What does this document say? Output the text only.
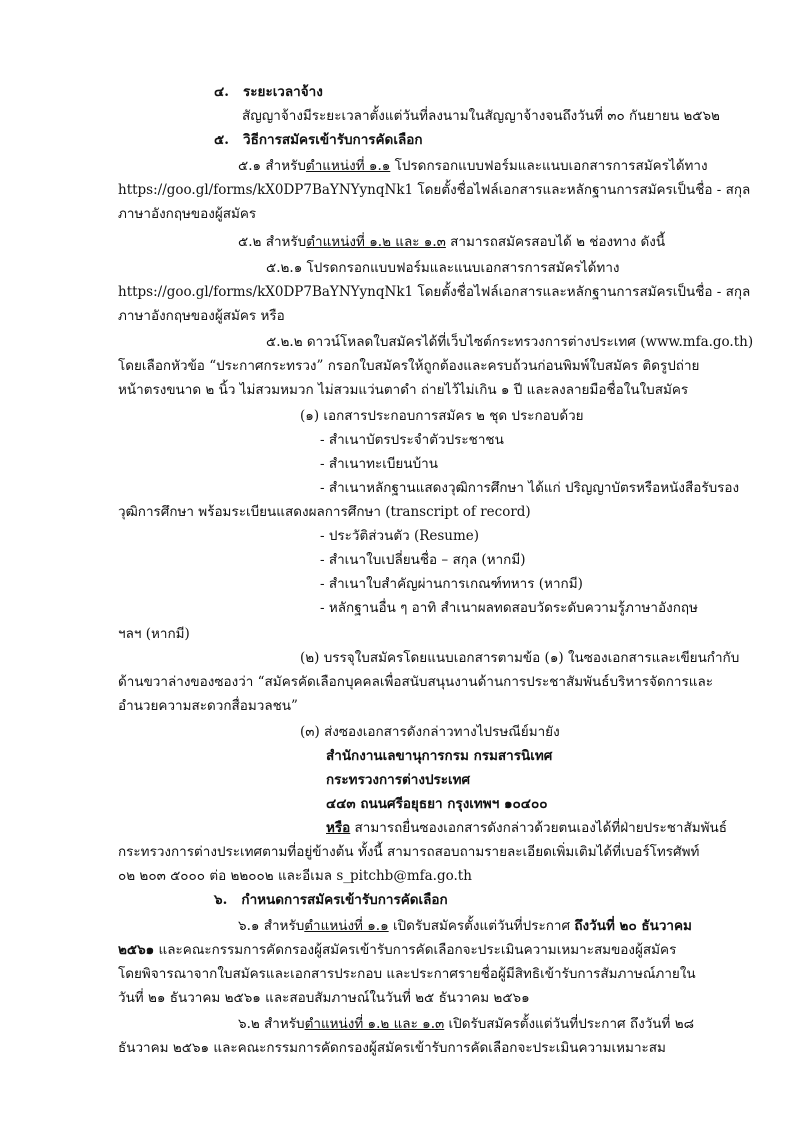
๔. ระยะเวลาจ้าง
สัญญาจ้างมีระยะเวลาตั้งแต่วันที่ลงนามในสัญญาจ้างจนถึงวันที่ ๓๐ กันยายน ๒๕๖๒
๕. วิธีการสมัครเข้ารับการคัดเลือก
๕.๑ สำหรับตำแหน่งที่ ๑.๑ โปรดกรอกแบบฟอร์มและแนบเอกสารการสมัครได้ทาง
https://goo.gl/forms/kX0DP7BaYNYynqNk1 โดยตั้งชื่อไฟล์เอกสารและหลักฐานการสมัครเป็นชื่อ - สกุล
ภาษาอังกฤษของผู้สมัคร
๕.๒ สำหรับตำแหน่งที่ ๑.๒ และ ๑.๓ สามารถสมัครสอบได้ ๒ ช่องทาง ดังนี้
๕.๒.๑ โปรดกรอกแบบฟอร์มและแนบเอกสารการสมัครได้ทาง
https://goo.gl/forms/kX0DP7BaYNYynqNk1 โดยตั้งชื่อไฟล์เอกสารและหลักฐานการสมัครเป็นชื่อ - สกุล
ภาษาอังกฤษของผู้สมัคร หรือ
๕.๒.๒ ดาวน์โหลดใบสมัครได้ที่เว็บไซต์กระทรวงการต่างประเทศ (www.mfa.go.th)
โดยเลือกหัวข้อ “ประกาศกระทรวง” กรอกใบสมัครให้ถูกต้องและครบถ้วนก่อนพิมพ์ใบสมัคร ติดรูปถ่าย
หน้าตรงขนาด ๒ นิ้ว ไม่สวมหมวก ไม่สวมแว่นตาดำ ถ่ายไว้ไม่เกิน ๑ ปี และลงลายมือชื่อในใบสมัคร
(๑) เอกสารประกอบการสมัคร ๒ ชุด ประกอบด้วย
- สำเนาบัตรประจำตัวประชาชน
- สำเนาทะเบียนบ้าน
- สำเนาหลักฐานแสดงวุฒิการศึกษา ได้แก่ ปริญญาบัตรหรือหนังสือรับรอง
วุฒิการศึกษา พร้อมระเบียนแสดงผลการศึกษา (transcript of record)
- ประวัติส่วนตัว (Resume)
- สำเนาใบเปลี่ยนชื่อ – สกุล (หากมี)
- สำเนาใบสำคัญผ่านการเกณฑ์ทหาร (หากมี)
- หลักฐานอื่น ๆ อาทิ สำเนาผลทดสอบวัดระดับความรู้ภาษาอังกฤษ
ฯลฯ (หากมี)
(๒) บรรจุใบสมัครโดยแนบเอกสารตามข้อ (๑) ในซองเอกสารและเขียนกำกับ
ด้านขวาล่างของซองว่า “สมัครคัดเลือกบุคคลเพื่อสนับสนุนงานด้านการประชาสัมพันธ์บริหารจัดการและ
อำนวยความสะดวกสื่อมวลชน”
(๓) ส่งซองเอกสารดังกล่าวทางไปรษณีย์มายัง
สำนักงานเลขานุการกรม กรมสารนิเทศ
กระทรวงการต่างประเทศ
๔๔๓ ถนนศรีอยุธยา กรุงเทพฯ ๑๐๔๐๐
หรือ สามารถยื่นซองเอกสารดังกล่าวด้วยตนเองได้ที่ฝ่ายประชาสัมพันธ์
กระทรวงการต่างประเทศตามที่อยู่ข้างต้น ทั้งนี้ สามารถสอบถามรายละเอียดเพิ่มเติมได้ที่เบอร์โทรศัพท์
๐๒ ๒๐๓ ๕๐๐๐ ต่อ ๒๒๐๐๒ และอีเมล s_pitchb@mfa.go.th
๖. กำหนดการสมัครเข้ารับการคัดเลือก
๖.๑ สำหรับตำแหน่งที่ ๑.๑ เปิดรับสมัครตั้งแต่วันที่ประกาศ ถึงวันที่ ๒๐ ธันวาคม
๒๕๖๑ และคณะกรรมการคัดกรองผู้สมัครเข้ารับการคัดเลือกจะประเมินความเหมาะสมของผู้สมัคร
โดยพิจารณาจากใบสมัครและเอกสารประกอบ และประกาศรายชื่อผู้มีสิทธิเข้ารับการสัมภาษณ์ภายใน
วันที่ ๒๑ ธันวาคม ๒๕๖๑ และสอบสัมภาษณ์ในวันที่ ๒๕ ธันวาคม ๒๕๖๑
๖.๒ สำหรับตำแหน่งที่ ๑.๒ และ ๑.๓ เปิดรับสมัครตั้งแต่วันที่ประกาศ ถึงวันที่ ๒๘
ธันวาคม ๒๕๖๑ และคณะกรรมการคัดกรองผู้สมัครเข้ารับการคัดเลือกจะประเมินความเหมาะสม
